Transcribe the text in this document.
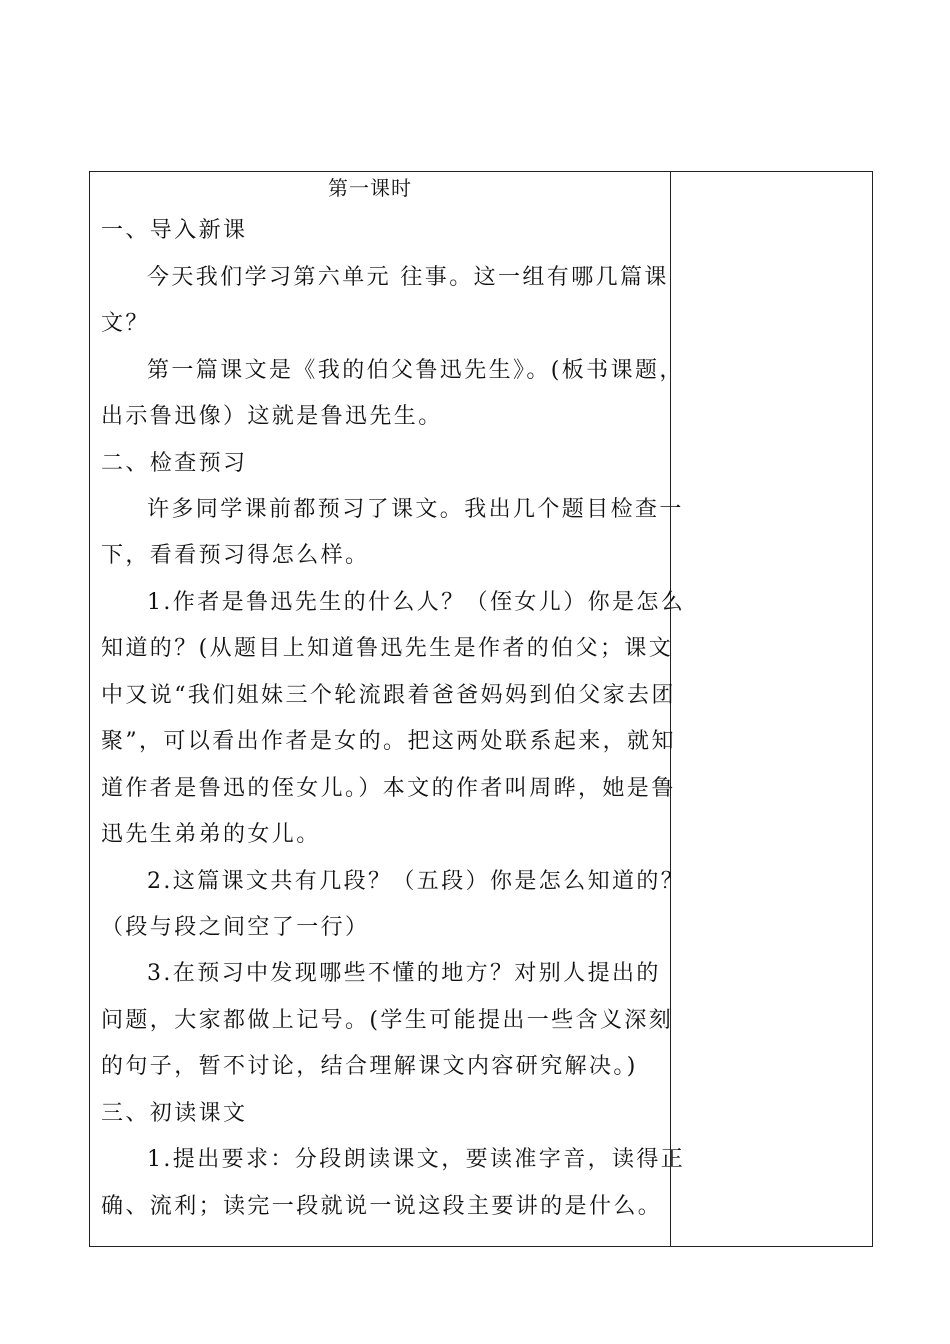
第一课时
一、导入新课
今天我们学习第六单元 往事。这一组有哪几篇课
文？
第一篇课文是《我的伯父鲁迅先生》。(板书课题，
出示鲁迅像）这就是鲁迅先生。
二、检查预习
许多同学课前都预习了课文。我出几个题目检查一
下，看看预习得怎么样。
1.作者是鲁迅先生的什么人？（侄女儿）你是怎么
知道的？(从题目上知道鲁迅先生是作者的伯父；课文
中又说“我们姐妹三个轮流跟着爸爸妈妈到伯父家去团
聚”，可以看出作者是女的。把这两处联系起来，就知
道作者是鲁迅的侄女儿。）本文的作者叫周晔，她是鲁
迅先生弟弟的女儿。
2.这篇课文共有几段？（五段）你是怎么知道的？
（段与段之间空了一行）
3.在预习中发现哪些不懂的地方？对别人提出的
问题，大家都做上记号。(学生可能提出一些含义深刻
的句子，暂不讨论，结合理解课文内容研究解决。)
三、初读课文
1.提出要求：分段朗读课文，要读准字音，读得正
确、流利；读完一段就说一说这段主要讲的是什么。
